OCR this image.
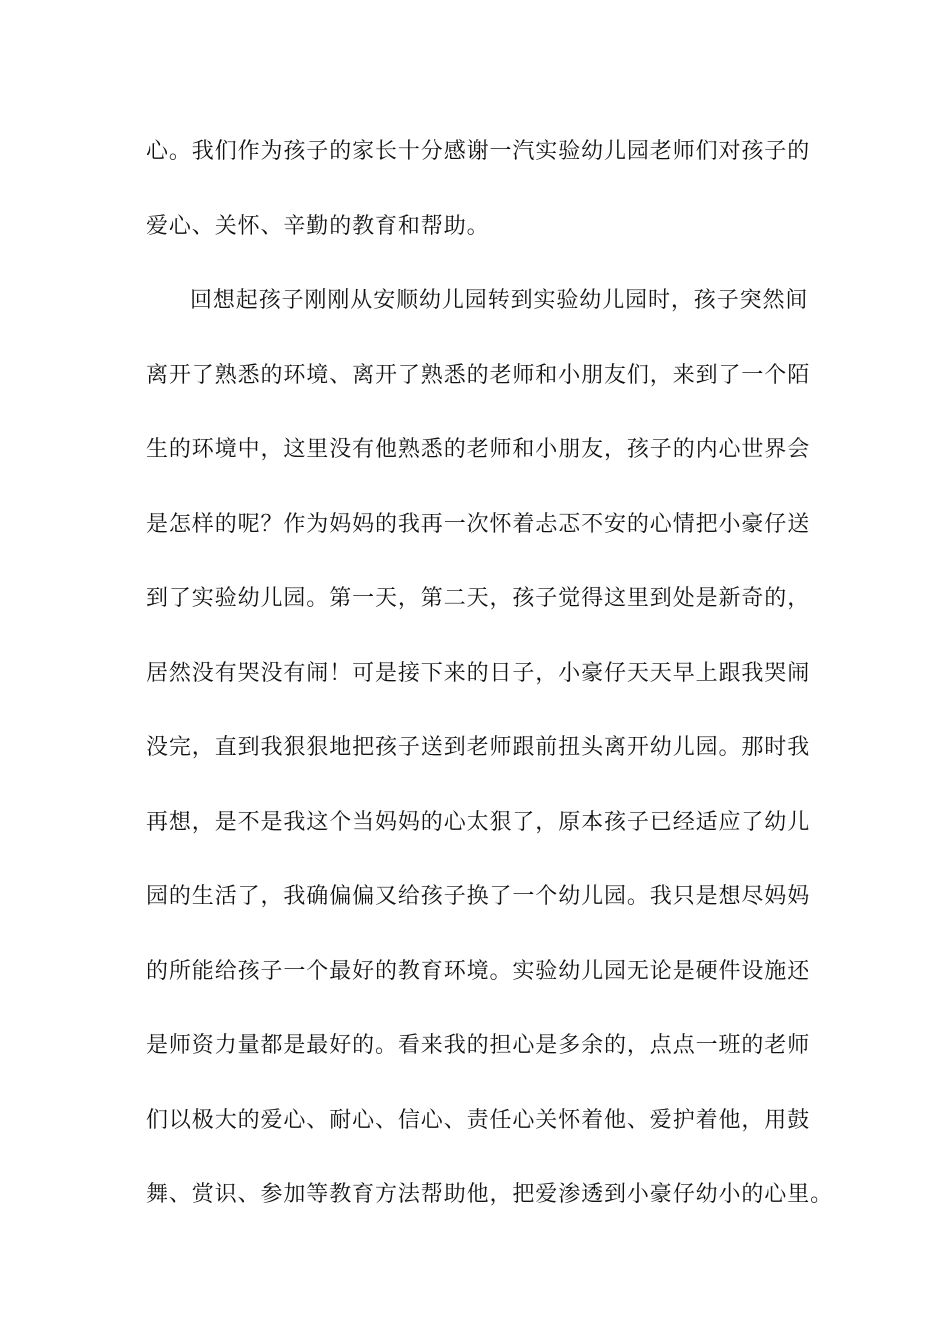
心。我们作为孩子的家长十分感谢一汽实验幼儿园老师们对孩子的
爱心、关怀、辛勤的教育和帮助。
回想起孩子刚刚从安顺幼儿园转到实验幼儿园时，孩子突然间
离开了熟悉的环境、离开了熟悉的老师和小朋友们，来到了一个陌
生的环境中，这里没有他熟悉的老师和小朋友，孩子的内心世界会
是怎样的呢？作为妈妈的我再一次怀着忐忑不安的心情把小豪仔送
到了实验幼儿园。第一天，第二天，孩子觉得这里到处是新奇的，
居然没有哭没有闹！可是接下来的日子，小豪仔天天早上跟我哭闹
没完，直到我狠狠地把孩子送到老师跟前扭头离开幼儿园。那时我
再想，是不是我这个当妈妈的心太狠了，原本孩子已经适应了幼儿
园的生活了，我确偏偏又给孩子换了一个幼儿园。我只是想尽妈妈
的所能给孩子一个最好的教育环境。实验幼儿园无论是硬件设施还
是师资力量都是最好的。看来我的担心是多余的，点点一班的老师
们以极大的爱心、耐心、信心、责任心关怀着他、爱护着他，用鼓
舞、赏识、参加等教育方法帮助他，把爱渗透到小豪仔幼小的心里。
